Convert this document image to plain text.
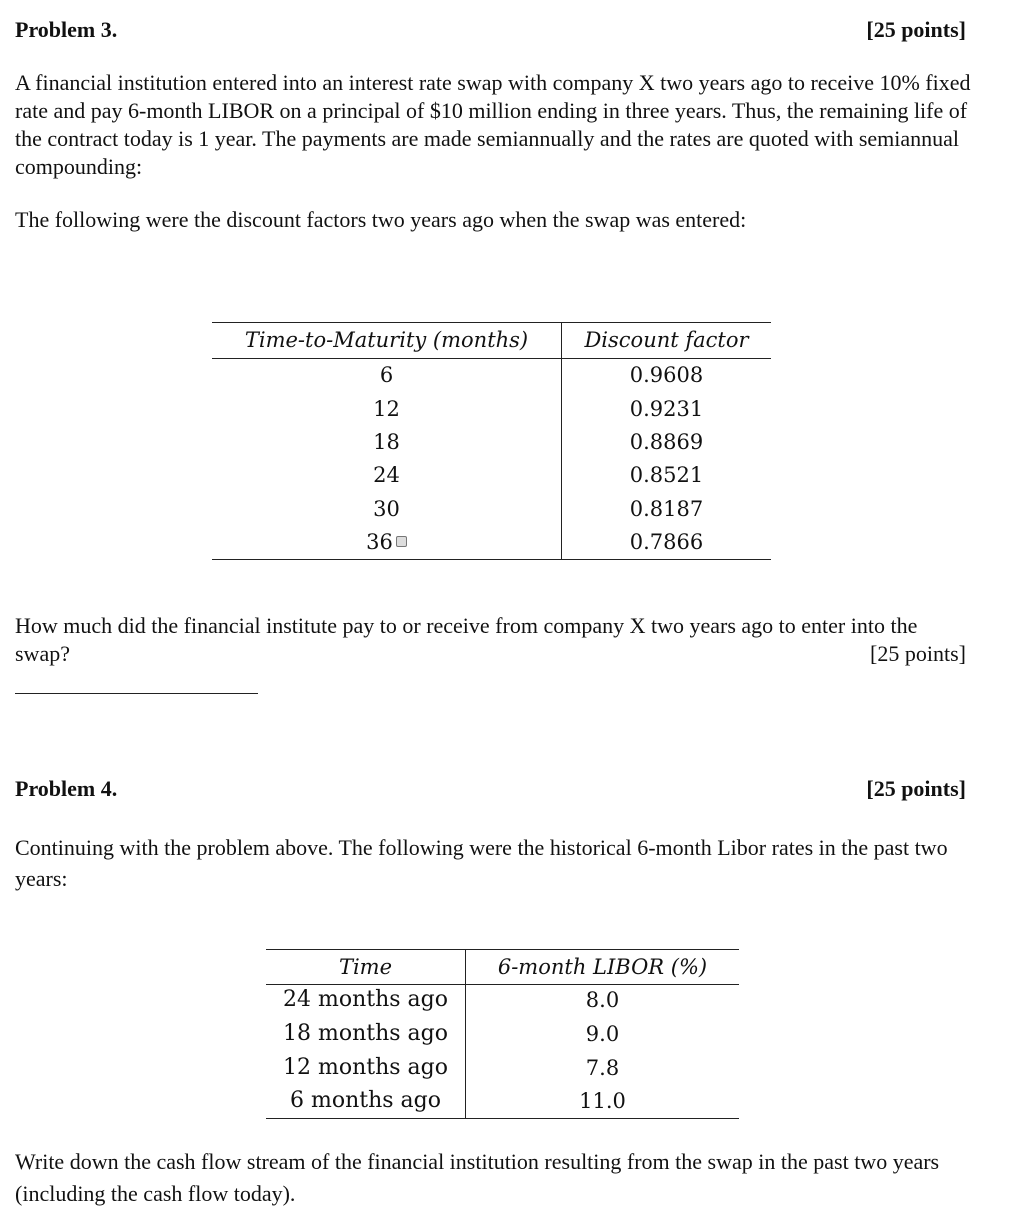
Problem 3.	[25 points]

A financial institution entered into an interest rate swap with company X two years ago to receive 10% fixed rate and pay 6-month LIBOR on a principal of $10 million ending in three years. Thus, the remaining life of the contract today is 1 year. The payments are made semiannually and the rates are quoted with semiannual compounding:

The following were the discount factors two years ago when the swap was entered:

Time-to-Maturity (months)	Discount factor
6	0.9608
12	0.9231
18	0.8869
24	0.8521
30	0.8187
36	0.7866

How much did the financial institute pay to or receive from company X two years ago to enter into the swap?	[25 points]
Problem 4.	[25 points]

Continuing with the problem above. The following were the historical 6-month Libor rates in the past two years:

Time	6-month LIBOR (%)
24 months ago	8.0
18 months ago	9.0
12 months ago	7.8
6 months ago	11.0

Write down the cash flow stream of the financial institution resulting from the swap in the past two years (including the cash flow today).
